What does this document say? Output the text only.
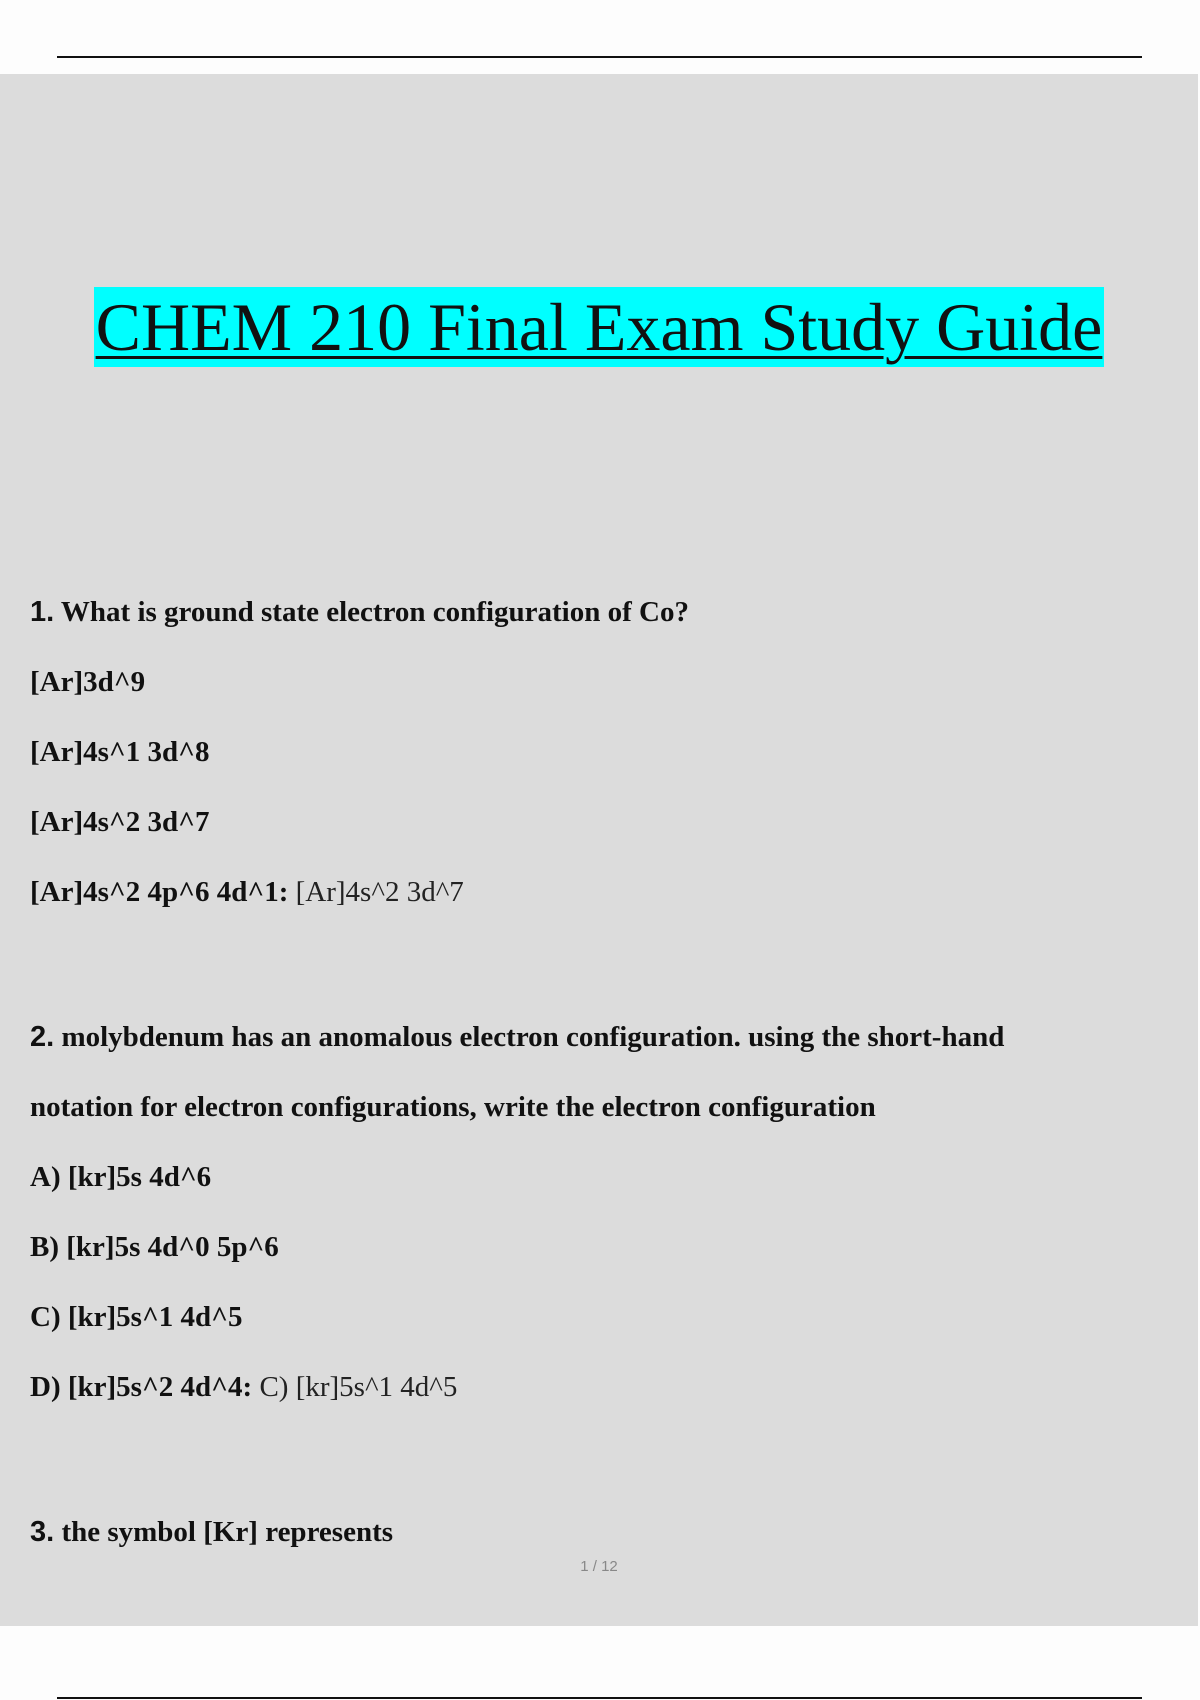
CHEM 210 Final Exam Study Guide
1. What is ground state electron configuration of Co?
[Ar]3d^9
[Ar]4s^1 3d^8
[Ar]4s^2 3d^7
[Ar]4s^2 4p^6 4d^1: [Ar]4s^2 3d^7
2. molybdenum has an anomalous electron configuration. using the short-hand
notation for electron configurations, write the electron configuration
A) [kr]5s 4d^6
B) [kr]5s 4d^0 5p^6
C) [kr]5s^1 4d^5
D) [kr]5s^2 4d^4: C) [kr]5s^1 4d^5
3. the symbol [Kr] represents
1 / 12
